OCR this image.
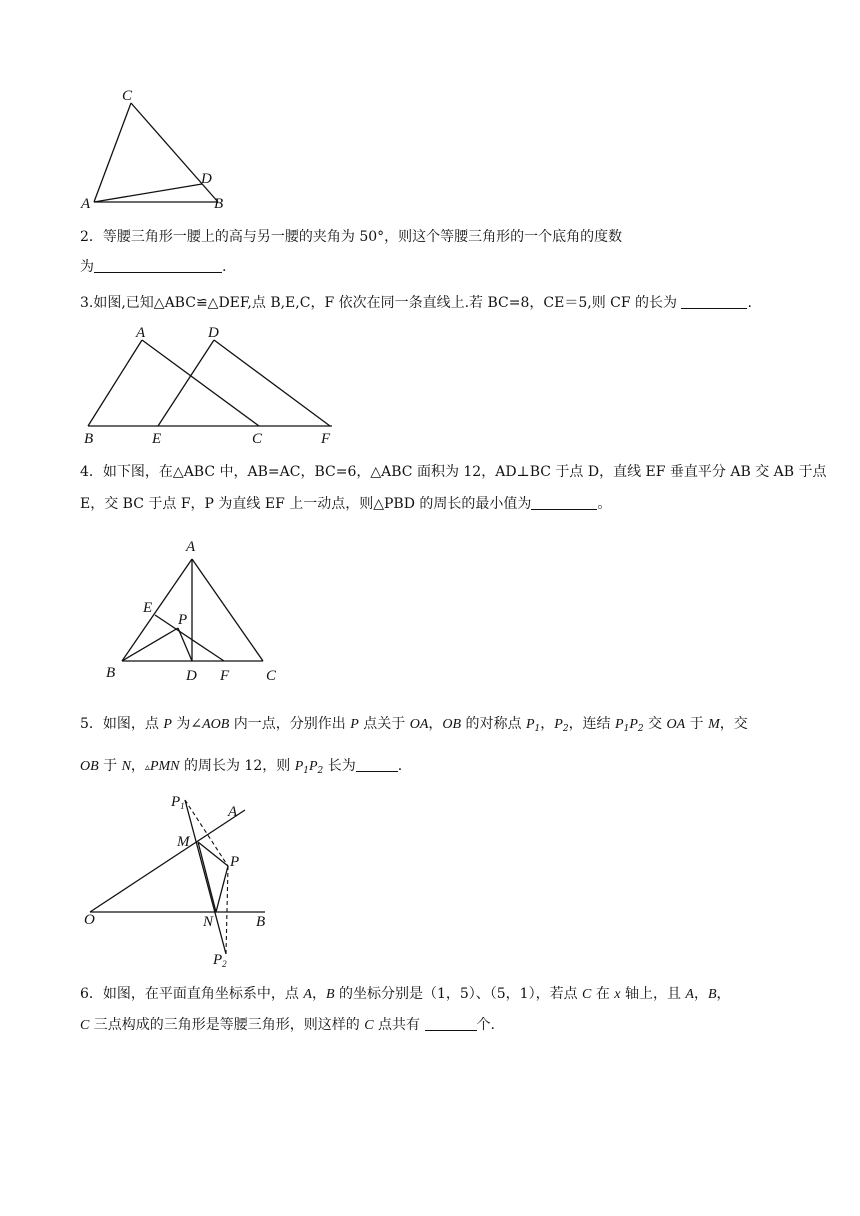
C
A
D
B
2．等腰三角形一腰上的高与另一腰的夹角为 50°，则这个等腰三角形的一个底角的度数
为	.
3.如图,已知△ABC≌△DEF,点 B,E,C，F 依次在同一条直线上.若 BC=8，CE＝5,则 CF 的长为	.
A	D
B	E	C	F
4．如下图，在△ABC 中，AB=AC，BC=6，△ABC 面积为 12，AD⊥BC 于点 D，直线 EF 垂直平分 AB 交 AB 于点
E，交 BC 于点 F，P 为直线 EF 上一动点，则△PBD 的周长的最小值为	。
A
E
P
B	D F C
5．如图，点 P 为∠AOB 内一点，分别作出 P 点关于 OA，OB 的对称点 $P_1$，$P_2$，连结 $P_1P_2$ 交 OA 于 M，交
OB 于 N，▵PMN 的周长为 12，则 $P_1P_2$ 长为	.
$P_1$	A
M
P
O	N	B
$P_2$
6．如图，在平面直角坐标系中，点 A，B 的坐标分别是（1，5）、（5，1），若点 C 在 x 轴上，且 A，B，
C 三点构成的三角形是等腰三角形，则这样的 C 点共有	个.
